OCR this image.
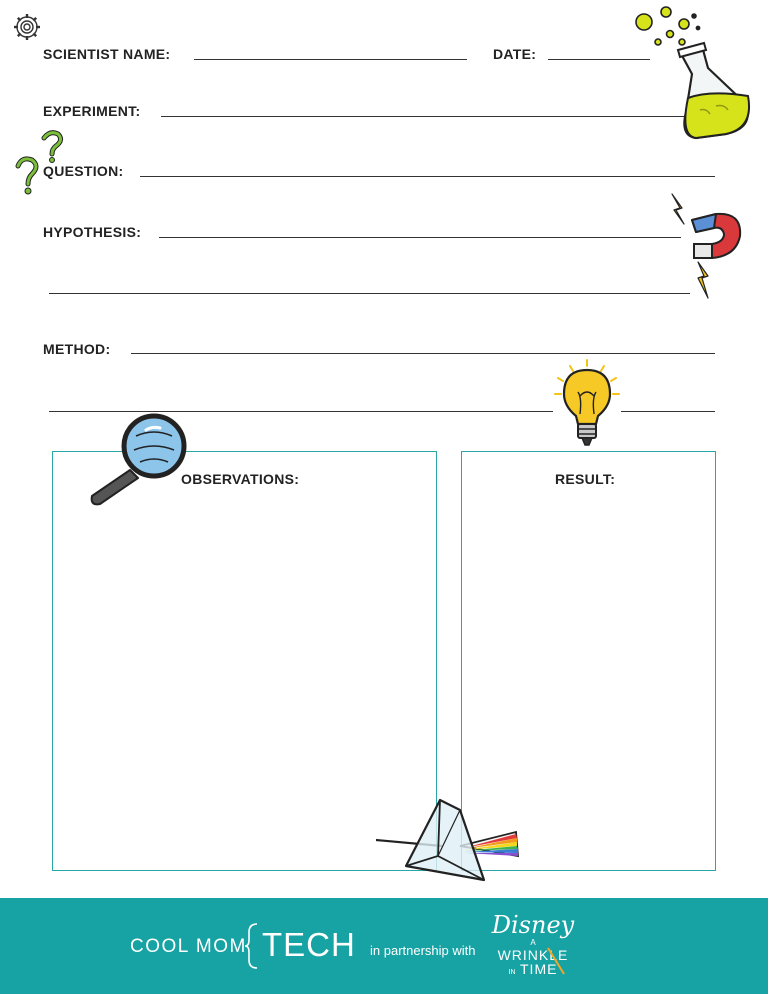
SCIENTIST NAME:	DATE:
EXPERIMENT:
QUESTION:
HYPOTHESIS:
METHOD:
OBSERVATIONS:	RESULT:
COOL MOM TECH in partnership with
Disney
A
WRINKLE
IN TIME
